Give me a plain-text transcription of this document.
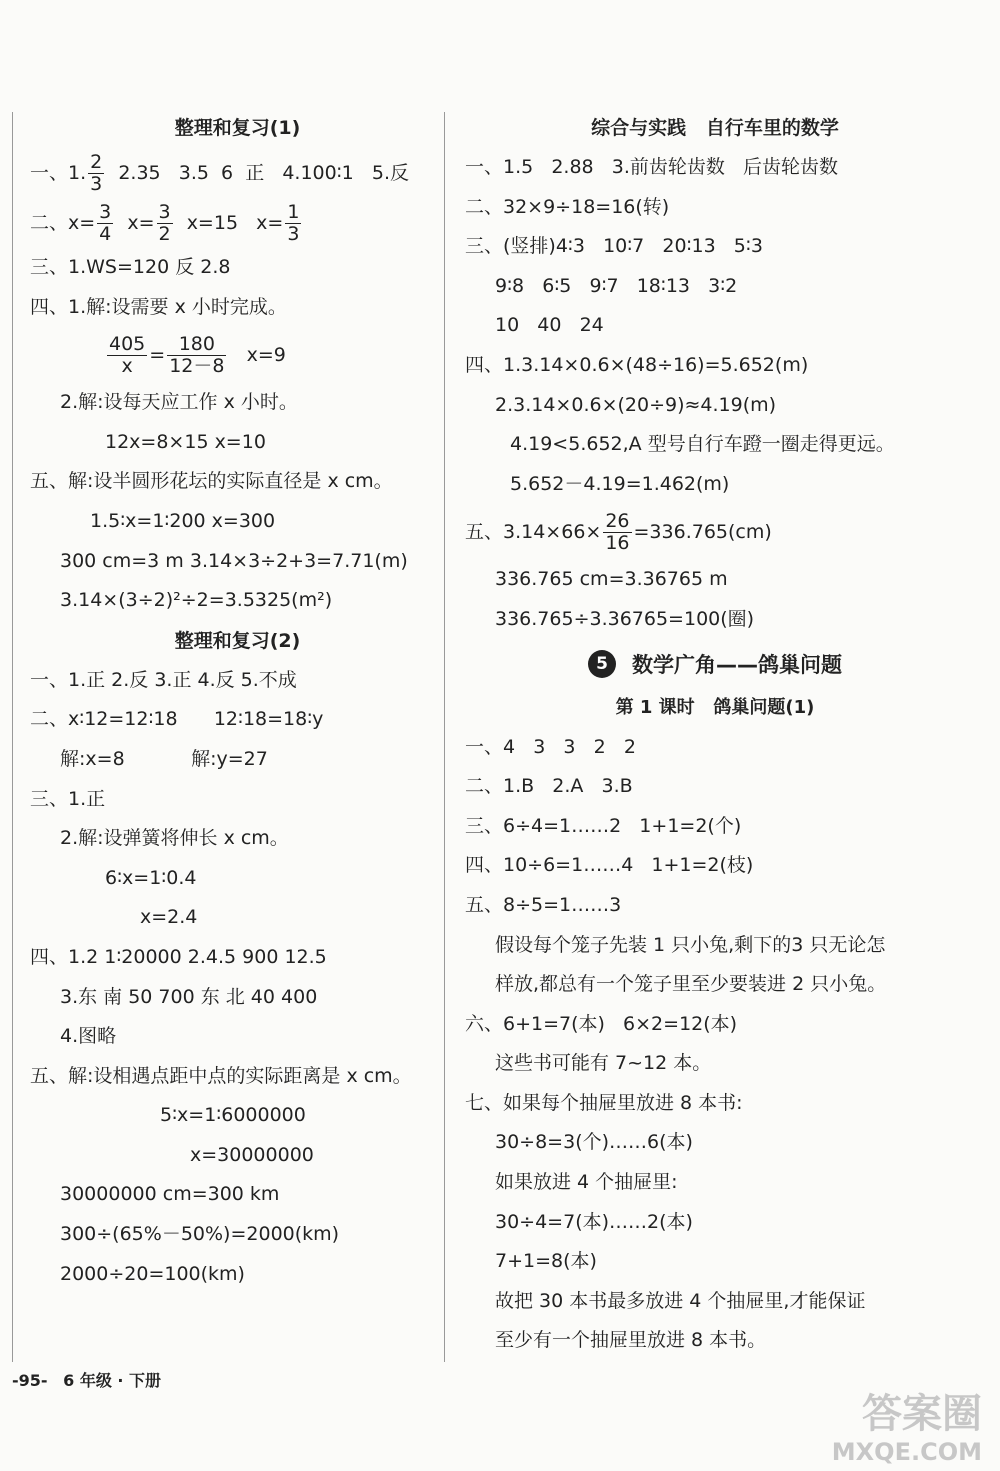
整理和复习(1)
一、1. $\frac{2}{3} 2.35$   3.5  6  正   4.100∶1   5.反
二、$x= \frac{3}{4} x= \frac{3}{2} x=15$   $x= \frac{1}{3}$
三、1.WS=120 反 2.8
四、1.解:设需要 x 小时完成。
$\frac{405}{x} = \frac{180}{12-8} x=9$
2.解:设每天应工作 x 小时。
12x=8×15 x=10
五、解:设半圆形花坛的实际直径是 x cm。
1.5∶x=1∶200 x=300
300 cm=3 m 3.14×3÷2+3=7.71(m)
3.14×(3÷2)²÷2=3.5325(m²)
整理和复习(2)
一、1.正 2.反 3.正 4.反 5.不成
二、x∶12=12∶18      12∶18=18∶y
解:x=8           解:y=27
三、1.正
2.解:设弹簧将伸长 x cm。
6∶x=1∶0.4
x=2.4
四、1.2 1∶20000 2.4.5 900 12.5
3.东 南 50 700 东 北 40 400
4.图略
五、解:设相遇点距中点的实际距离是 x cm。
5∶x=1∶6000000
x=30000000
30000000 cm=300 km
300÷(65%－50%)=2000(km)
2000÷20=100(km)
综合与实践   自行车里的数学
一、1.5   2.88   3.前齿轮齿数   后齿轮齿数
二、32×9÷18=16(转)
三、(竖排)4∶3   10∶7   20∶13   5∶3
9∶8   6∶5   9∶7   18∶13   3∶2
10   40   24
四、1.3.14×0.6×(48÷16)=5.652(m)
2.3.14×0.6×(20÷9)≈4.19(m)
4.19<5.652,A 型号自行车蹬一圈走得更远。
5.652－4.19=1.462(m)
五、$3.14\times 66\times \frac{26}{16} =336.765(cm)$
336.765 cm=3.36765 m
336.765÷3.36765=100(圈)
5	数学广角——鸽巢问题
第 1 课时   鸽巢问题(1)
一、4   3   3   2   2
二、1.B   2.A   3.B
三、6÷4=1……2   1+1=2(个)
四、10÷6=1……4   1+1=2(枝)
五、8÷5=1……3
假设每个笼子先装 1 只小兔,剩下的3 只无论怎
样放,都总有一个笼子里至少要装进 2 只小兔。
六、6+1=7(本)   6×2=12(本)
这些书可能有 7~12 本。
七、如果每个抽屉里放进 8 本书:
30÷8=3(个)……6(本)
如果放进 4 个抽屉里:
30÷4=7(本)……2(本)
7+1=8(本)
故把 30 本书最多放进 4 个抽屉里,才能保证
至少有一个抽屉里放进 8 本书。
-95- 6 年级 · 下册
答案圈
MXQE.COM
